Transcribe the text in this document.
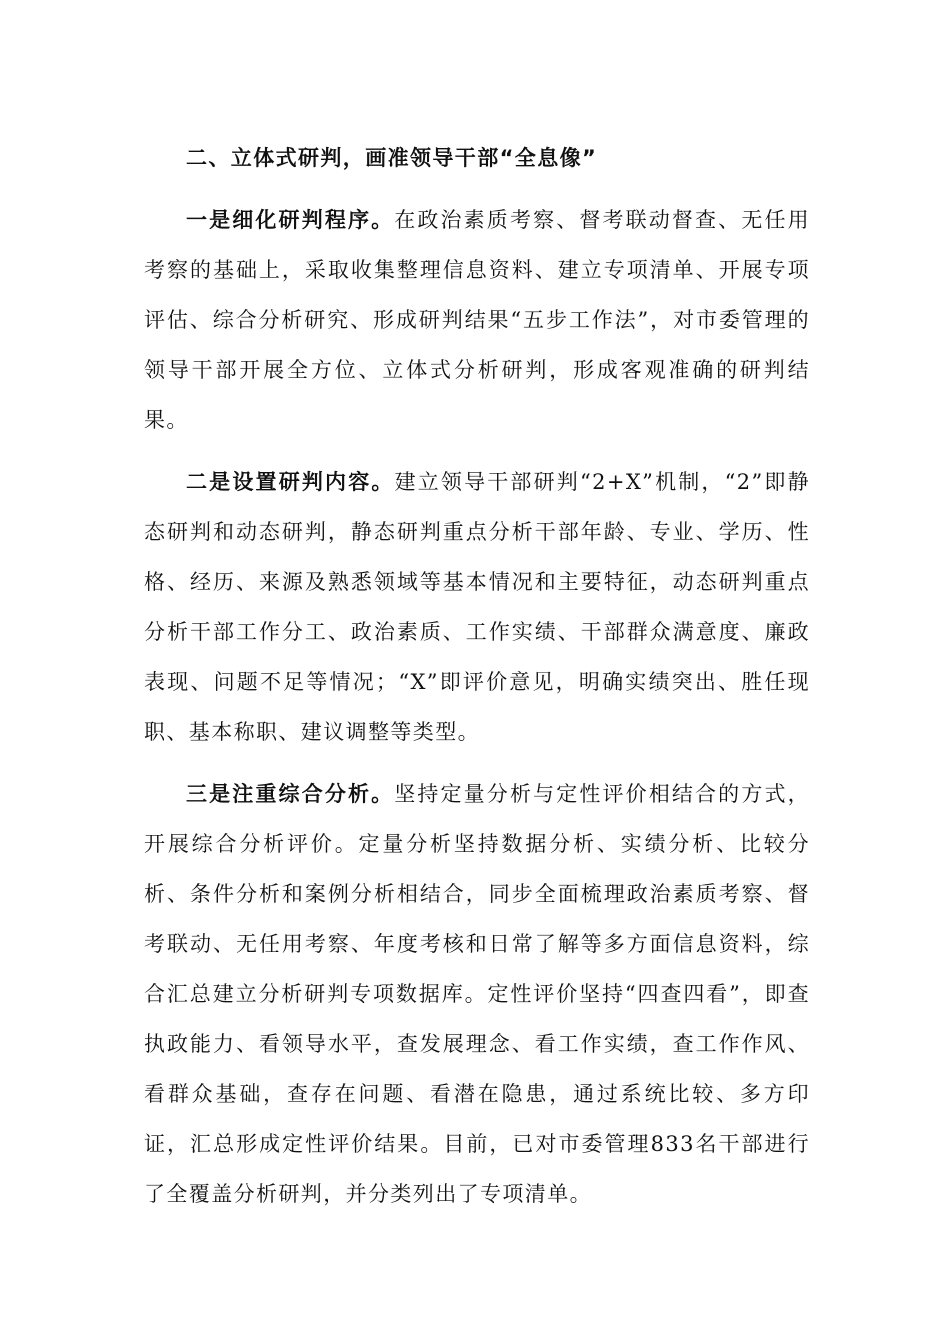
二、立体式研判，画准领导干部“全息像”

一是细化研判程序。在政治素质考察、督考联动督查、无任用考察的基础上，采取收集整理信息资料、建立专项清单、开展专项评估、综合分析研究、形成研判结果“五步工作法”，对市委管理的领导干部开展全方位、立体式分析研判，形成客观准确的研判结果。

二是设置研判内容。建立领导干部研判“2+X”机制，“2”即静态研判和动态研判，静态研判重点分析干部年龄、专业、学历、性格、经历、来源及熟悉领域等基本情况和主要特征，动态研判重点分析干部工作分工、政治素质、工作实绩、干部群众满意度、廉政表现、问题不足等情况；“X”即评价意见，明确实绩突出、胜任现职、基本称职、建议调整等类型。

三是注重综合分析。坚持定量分析与定性评价相结合的方式，开展综合分析评价。定量分析坚持数据分析、实绩分析、比较分析、条件分析和案例分析相结合，同步全面梳理政治素质考察、督考联动、无任用考察、年度考核和日常了解等多方面信息资料，综合汇总建立分析研判专项数据库。定性评价坚持“四查四看”，即查执政能力、看领导水平，查发展理念、看工作实绩，查工作作风、看群众基础，查存在问题、看潜在隐患，通过系统比较、多方印证，汇总形成定性评价结果。目前，已对市委管理833名干部进行了全覆盖分析研判，并分类列出了专项清单。
